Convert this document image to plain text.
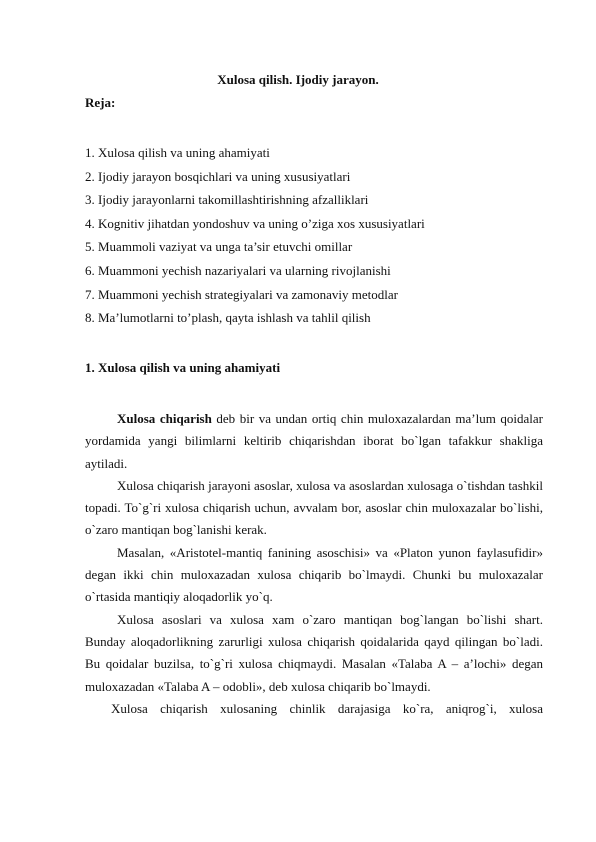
Xulosa qilish. Ijodiy jarayon.
Reja:
1. Xulosa qilish va uning ahamiyati
2. Ijodiy jarayon bosqichlari va uning xususiyatlari
3. Ijodiy jarayonlarni takomillashtirishning afzalliklari
4. Kognitiv jihatdan yondoshuv va uning o’ziga xos xususiyatlari
5. Muammoli vaziyat va unga ta’sir etuvchi omillar
6. Muammoni yechish nazariyalari va ularning rivojlanishi
7. Muammoni yechish strategiyalari va zamonaviy metodlar
8. Ma’lumotlarni to’plash, qayta ishlash va tahlil qilish
1. Xulosa qilish va uning ahamiyati

Xulosa chiqarish deb bir va undan ortiq chin muloxazalardan ma’lum qoidalar yordamida yangi bilimlarni keltirib chiqarishdan iborat bo`lgan tafakkur shakliga aytiladi.

Xulosa chiqarish jarayoni asoslar, xulosa va asoslardan xulosaga o`tishdan tashkil topadi. To`g`ri xulosa chiqarish uchun, avvalam bor, asoslar chin muloxazalar bo`lishi, o`zaro mantiqan bog`lanishi kerak.

Masalan, «Aristotel-mantiq fanining asoschisi» va «Platon yunon faylasufidir» degan ikki chin muloxazadan xulosa chiqarib bo`lmaydi. Chunki bu muloxazalar o`rtasida mantiqiy aloqadorlik yo`q.

Xulosa asoslari va xulosa xam o`zaro mantiqan bog`langan bo`lishi shart. Bunday aloqadorlikning zarurligi xulosa chiqarish qoidalarida qayd qilingan bo`ladi. Bu qoidalar buzilsa, to`g`ri xulosa chiqmaydi. Masalan «Talaba A – a’lochi» degan muloxazadan «Talaba A – odobli», deb xulosa chiqarib bo`lmaydi.

Xulosa chiqarish xulosaning chinlik darajasiga ko`ra, aniqrog`i, xulosa
